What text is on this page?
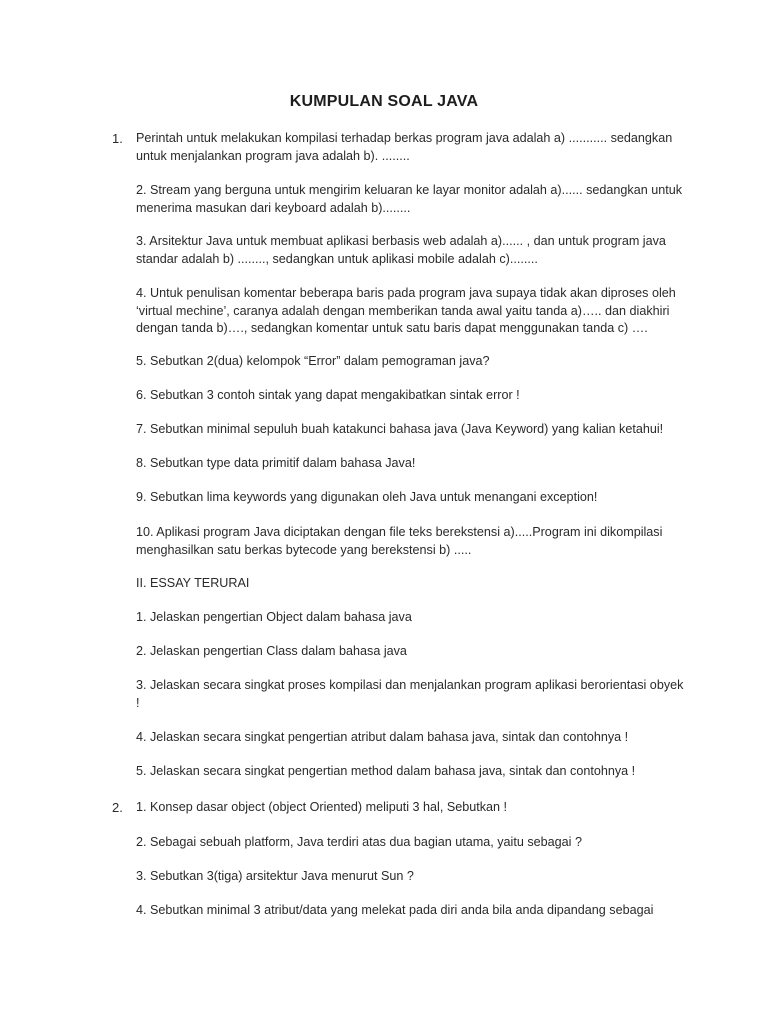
KUMPULAN SOAL JAVA
1. Perintah untuk melakukan kompilasi terhadap berkas program java adalah a) ........... sedangkan untuk menjalankan program java adalah b). ........
2. Stream yang berguna untuk mengirim keluaran ke layar monitor adalah a)...... sedangkan untuk menerima masukan dari keyboard adalah b)........
3. Arsitektur Java untuk membuat aplikasi berbasis web adalah a)...... , dan untuk program java standar adalah b) ........, sedangkan untuk aplikasi mobile adalah c)........
4. Untuk penulisan komentar beberapa baris pada program java supaya tidak akan diproses oleh ‘virtual mechine’, caranya adalah dengan memberikan tanda awal yaitu tanda a)….. dan diakhiri dengan tanda b)…., sedangkan komentar untuk satu baris dapat menggunakan tanda c) ….
5. Sebutkan 2(dua) kelompok “Error” dalam pemograman java?
6. Sebutkan 3 contoh sintak yang dapat mengakibatkan sintak error !
7. Sebutkan minimal sepuluh buah katakunci bahasa java (Java Keyword) yang kalian ketahui!
8. Sebutkan type data primitif dalam bahasa Java!
9. Sebutkan lima keywords yang digunakan oleh Java untuk menangani exception!
10. Aplikasi program Java diciptakan dengan file teks berekstensi a).....Program ini dikompilasi menghasilkan satu berkas bytecode yang berekstensi b) .....
II. ESSAY TERURAI
1. Jelaskan pengertian Object dalam bahasa java
2. Jelaskan pengertian Class dalam bahasa java
3. Jelaskan secara singkat proses kompilasi dan menjalankan program aplikasi berorientasi obyek !
4. Jelaskan secara singkat pengertian atribut dalam bahasa java, sintak dan contohnya !
5. Jelaskan secara singkat pengertian method dalam bahasa java, sintak dan contohnya !
2. 1. Konsep dasar object (object Oriented) meliputi 3 hal, Sebutkan !
2. Sebagai sebuah platform, Java terdiri atas dua bagian utama, yaitu sebagai ?
3. Sebutkan 3(tiga) arsitektur Java menurut Sun ?
4. Sebutkan minimal 3 atribut/data yang melekat pada diri anda bila anda dipandang sebagai
